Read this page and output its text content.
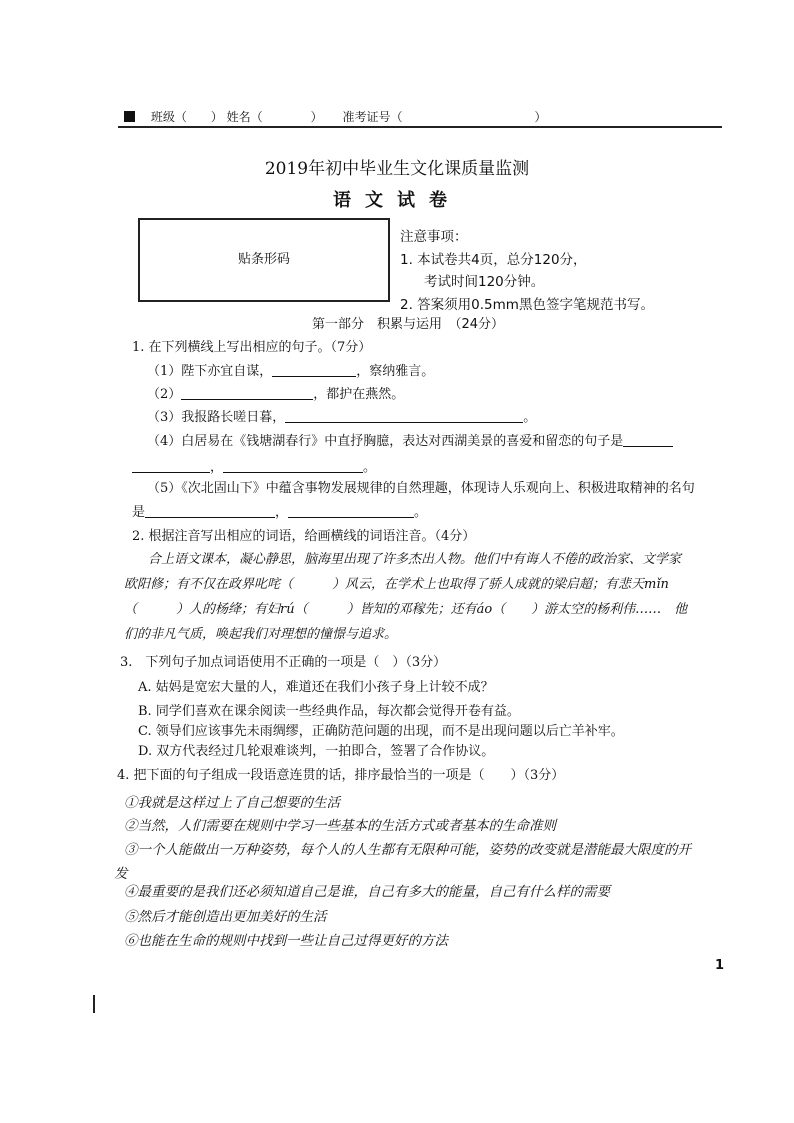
班级（　　） 姓名（　　　　） 准考证号（　　　　　　　　　　　）
2019年初中毕业生文化课质量监测
语文试卷
贴条形码
注意事项：
1. 本试卷共4页，总分120分，
考试时间120分钟。
2. 答案须用0.5mm黑色签字笔规范书写。
第一部分　积累与运用　（24分）
1. 在下列横线上写出相应的句子。（7分）
（1）陛下亦宜自谋，	，察纳雅言。
（2）	，都护在燕然。
（3）我报路长嗟日暮，	。
（4）白居易在《钱塘湖春行》中直抒胸臆，表达对西湖美景的喜爱和留恋的句子是
，	。
（5）《次北固山下》中蕴含事物发展规律的自然理趣，体现诗人乐观向上、积极进取精神的名句
是	，	。
2. 根据注音写出相应的词语，给画横线的词语注音。（4分）
合上语文课本，凝心静思，脑海里出现了许多杰出人物。他们中有诲人不倦的政治家、文学家
欧阳修；有不仅在政界叱咤（　　　）风云，在学术上也取得了骄人成就的梁启超；有悲天mǐn
（　　　）人的杨绛；有妇rú（　　　）皆知的邓稼先；还有áo（　　）游太空的杨利伟……　他
们的非凡气质，唤起我们对理想的憧憬与追求。
3.　下列句子加点词语使用不正确的一项是（　）（3分）
A. 姑妈是宽宏大量的人，难道还在我们小孩子身上计较不成？
B. 同学们喜欢在课余阅读一些经典作品，每次都会觉得开卷有益。
C. 领导们应该事先未雨绸缪，正确防范问题的出现，而不是出现问题以后亡羊补牢。
D. 双方代表经过几轮艰难谈判，一拍即合，签署了合作协议。
4. 把下面的句子组成一段语意连贯的话，排序最恰当的一项是（　　）（3分）
①我就是这样过上了自己想要的生活
②当然，人们需要在规则中学习一些基本的生活方式或者基本的生命准则
③一个人能做出一万种姿势，每个人的人生都有无限种可能，姿势的改变就是潜能最大限度的开
发
④最重要的是我们还必须知道自己是谁，自己有多大的能量，自己有什么样的需要
⑤然后才能创造出更加美好的生活
⑥也能在生命的规则中找到一些让自己过得更好的方法
1
